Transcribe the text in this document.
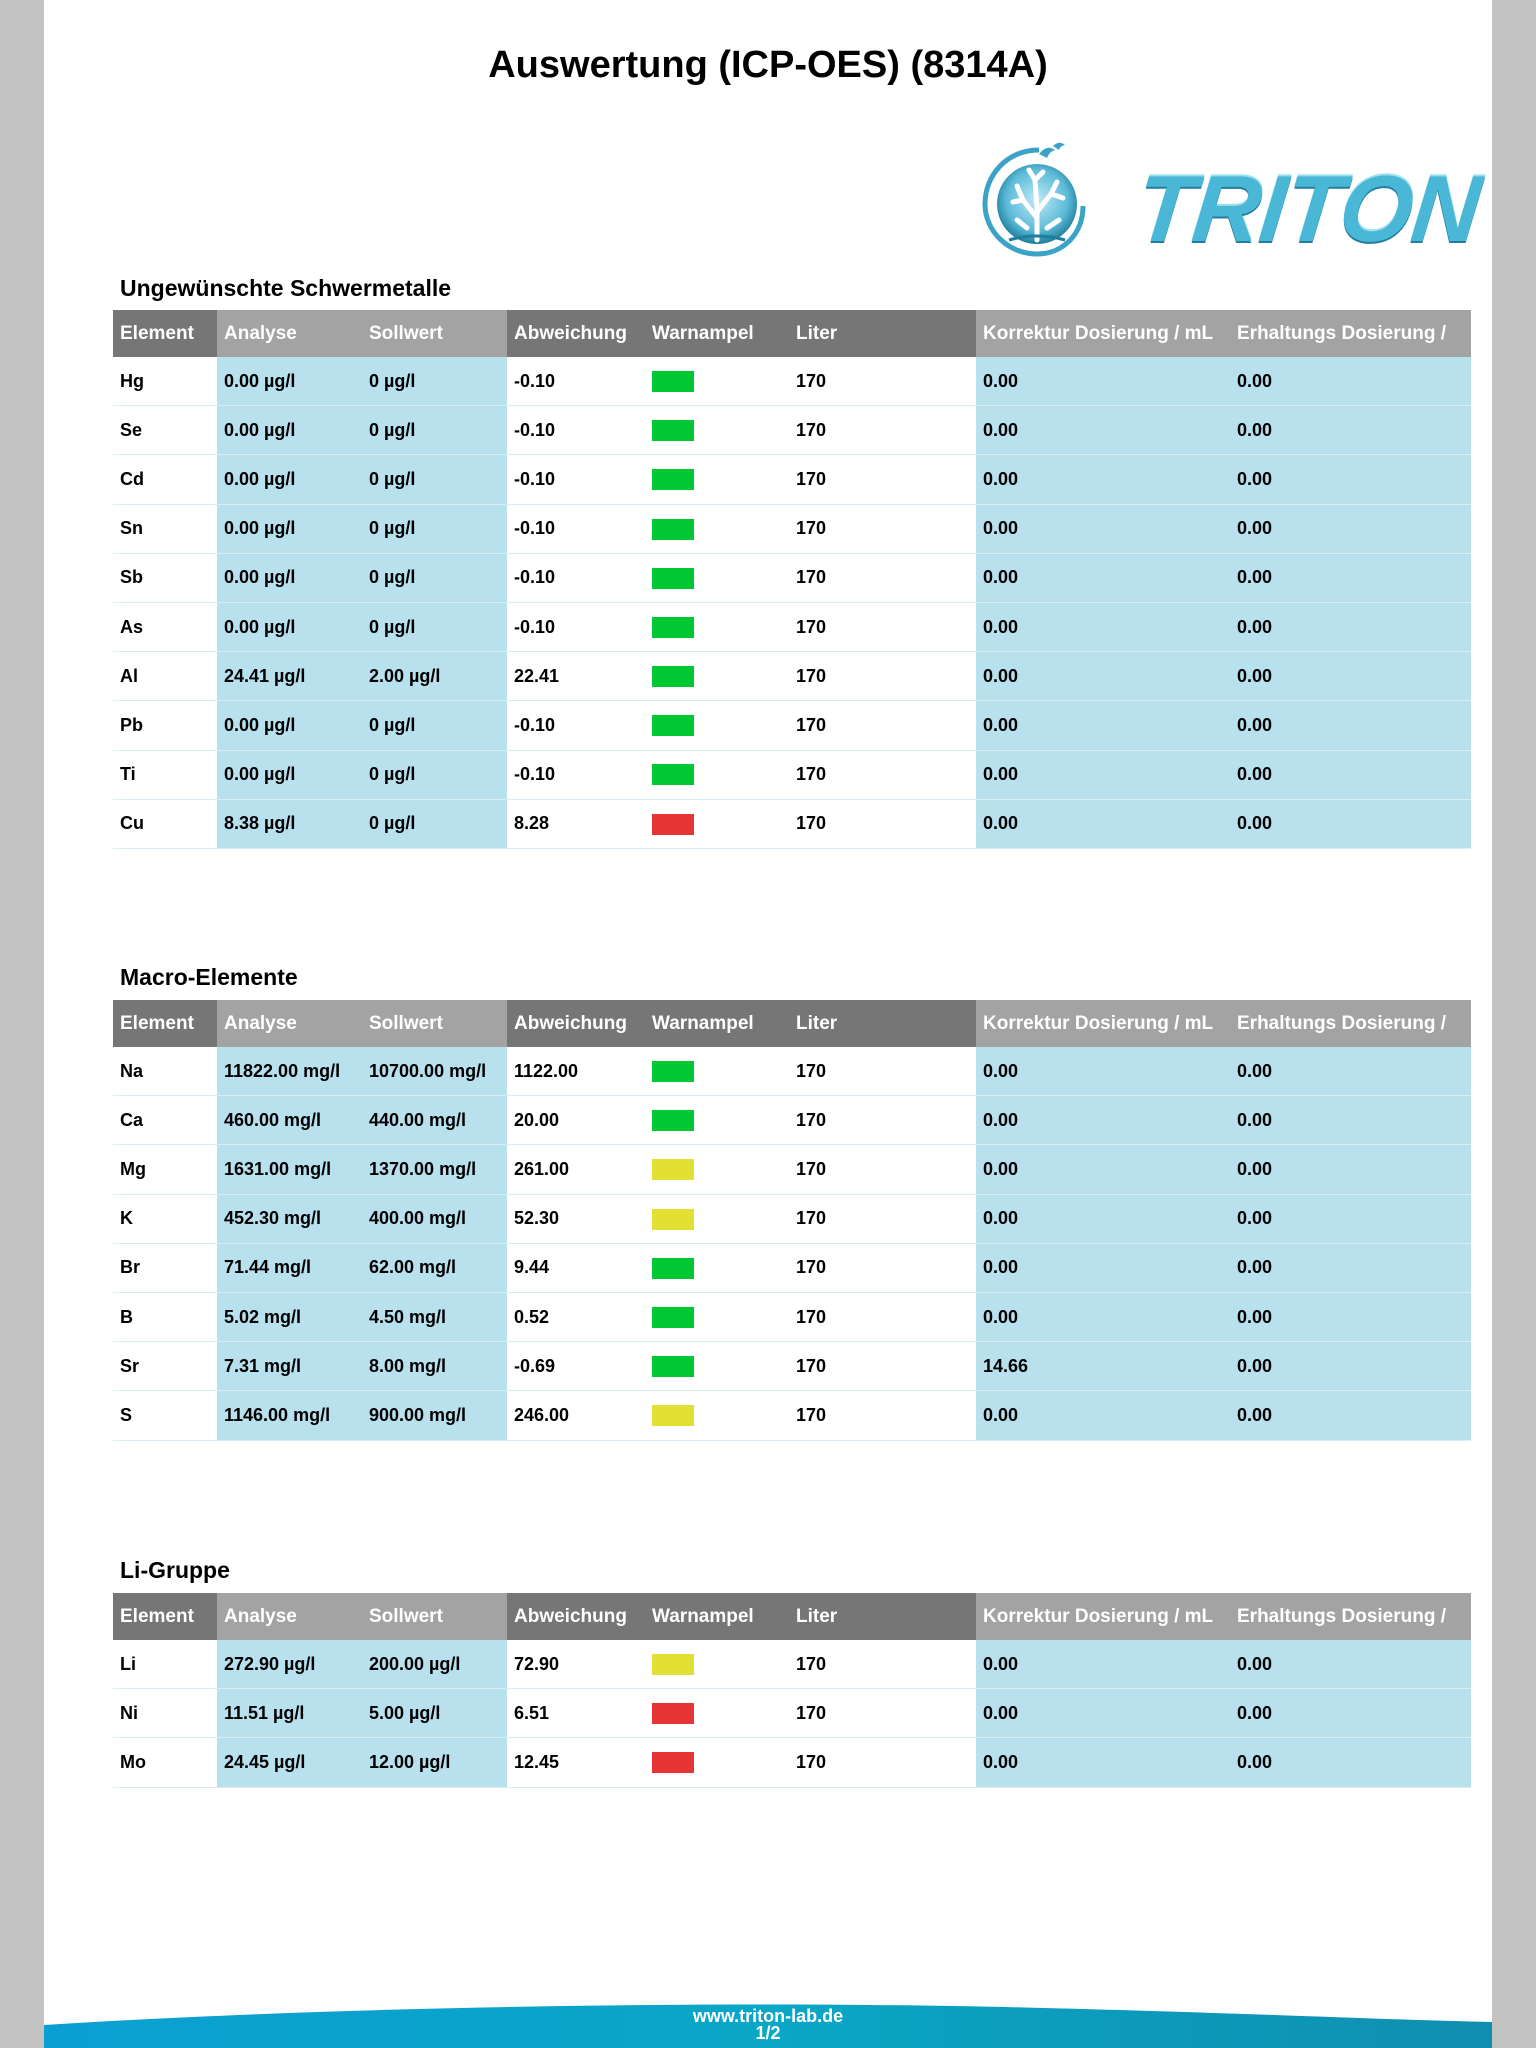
Auswertung (ICP-OES) (8314A)
TRITON
Ungewünschte Schwermetalle
Element	Analyse	Sollwert	Abweichung	Warnampel	Liter	Korrektur Dosierung / mL	Erhaltungs Dosierung /
Hg	0.00 µg/l	0 µg/l	-0.10		170	0.00	0.00
Se	0.00 µg/l	0 µg/l	-0.10		170	0.00	0.00
Cd	0.00 µg/l	0 µg/l	-0.10		170	0.00	0.00
Sn	0.00 µg/l	0 µg/l	-0.10		170	0.00	0.00
Sb	0.00 µg/l	0 µg/l	-0.10		170	0.00	0.00
As	0.00 µg/l	0 µg/l	-0.10		170	0.00	0.00
Al	24.41 µg/l	2.00 µg/l	22.41		170	0.00	0.00
Pb	0.00 µg/l	0 µg/l	-0.10		170	0.00	0.00
Ti	0.00 µg/l	0 µg/l	-0.10		170	0.00	0.00
Cu	8.38 µg/l	0 µg/l	8.28		170	0.00	0.00
Macro-Elemente
Element	Analyse	Sollwert	Abweichung	Warnampel	Liter	Korrektur Dosierung / mL	Erhaltungs Dosierung /
Na	11822.00 mg/l	10700.00 mg/l	1122.00		170	0.00	0.00
Ca	460.00 mg/l	440.00 mg/l	20.00		170	0.00	0.00
Mg	1631.00 mg/l	1370.00 mg/l	261.00		170	0.00	0.00
K	452.30 mg/l	400.00 mg/l	52.30		170	0.00	0.00
Br	71.44 mg/l	62.00 mg/l	9.44		170	0.00	0.00
B	5.02 mg/l	4.50 mg/l	0.52		170	0.00	0.00
Sr	7.31 mg/l	8.00 mg/l	-0.69		170	14.66	0.00
S	1146.00 mg/l	900.00 mg/l	246.00		170	0.00	0.00
Li-Gruppe
Element	Analyse	Sollwert	Abweichung	Warnampel	Liter	Korrektur Dosierung / mL	Erhaltungs Dosierung /
Li	272.90 µg/l	200.00 µg/l	72.90		170	0.00	0.00
Ni	11.51 µg/l	5.00 µg/l	6.51		170	0.00	0.00
Mo	24.45 µg/l	12.00 µg/l	12.45		170	0.00	0.00
www.triton-lab.de
1/2
